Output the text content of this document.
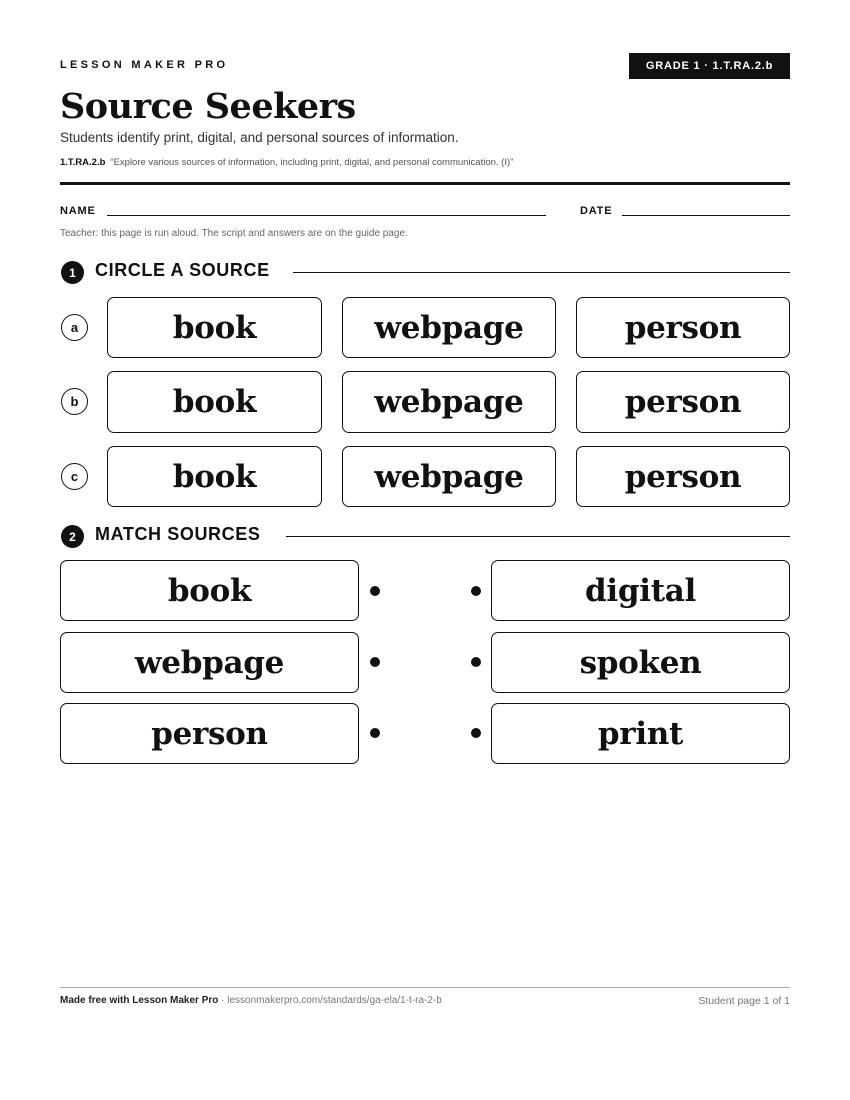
LESSON MAKER PRO	GRADE 1 · 1.T.RA.2.b
Source Seekers
Students identify print, digital, and personal sources of information.
1.T.RA.2.b “Explore various sources of information, including print, digital, and personal communication. (I)”
NAME	DATE
Teacher: this page is run aloud. The script and answers are on the guide page.
1	CIRCLE A SOURCE
a	book	webpage	person
b	book	webpage	person
c	book	webpage	person
2	MATCH SOURCES
book	digital
webpage	spoken
person	print
Made free with Lesson Maker Pro · lessonmakerpro.com/standards/ga-ela/1-t-ra-2-b	Student page 1 of 1
